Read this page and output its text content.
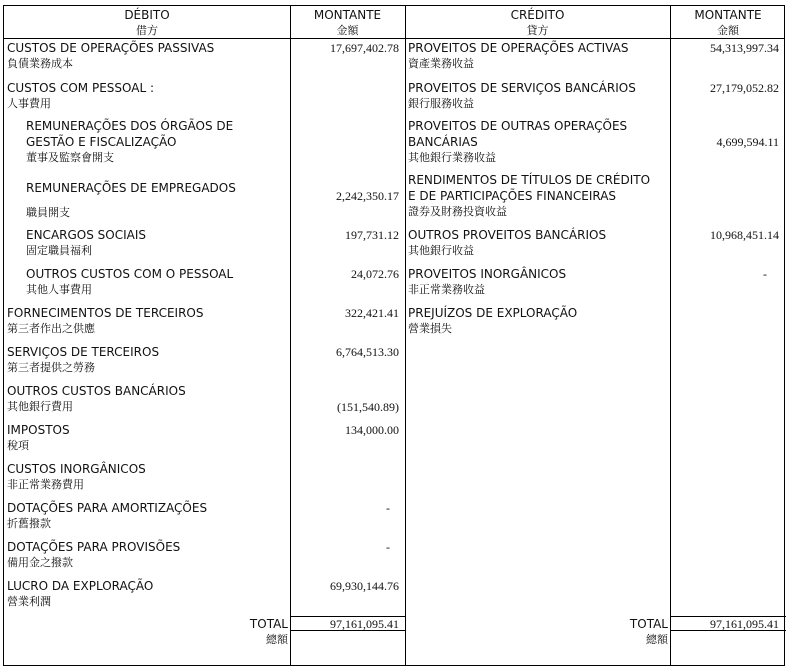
DÉBITO
借方
MONTANTE
金額
CRÉDITO
貸方
MONTANTE
金額
CUSTOS DE OPERAÇÕES PASSIVAS
負債業務成本
17,697,402.78
CUSTOS COM PESSOAL :
人事費用
REMUNERAÇÕES DOS ÓRGÃOS DE
GESTÃO E FISCALIZAÇÃO
董事及監察會開支
REMUNERAÇÕES DE EMPREGADOS
職員開支
2,242,350.17
ENCARGOS SOCIAIS
固定職員福利
197,731.12
OUTROS CUSTOS COM O PESSOAL
其他人事費用
24,072.76
FORNECIMENTOS DE TERCEIROS
第三者作出之供應
322,421.41
SERVIÇOS DE TERCEIROS
第三者提供之勞務
6,764,513.30
OUTROS CUSTOS BANCÁRIOS
其他銀行費用	(151,540.89)
IMPOSTOS
稅項
134,000.00
CUSTOS INORGÂNICOS
非正常業務費用
DOTAÇÕES PARA AMORTIZAÇÕES
折舊撥款
-
DOTAÇÕES PARA PROVISÕES
備用金之撥款
-
LUCRO DA EXPLORAÇÃO
營業利潤
69,930,144.76
PROVEITOS DE OPERAÇÕES ACTIVAS
資產業務收益
54,313,997.34
PROVEITOS DE SERVIÇOS BANCÁRIOS
銀行服務收益
27,179,052.82
PROVEITOS DE OUTRAS OPERAÇÕES
BANCÁRIAS
其他銀行業務收益
4,699,594.11
RENDIMENTOS DE TÍTULOS DE CRÉDITO
E DE PARTICIPAÇÕES FINANCEIRAS
證券及財務投資收益
OUTROS PROVEITOS BANCÁRIOS
其他銀行收益
10,968,451.14
PROVEITOS INORGÂNICOS
非正常業務收益
-
PREJUÍZOS DE EXPLORAÇÃO
營業損失
TOTAL
總額
97,161,095.41	TOTAL
總額
97,161,095.41
